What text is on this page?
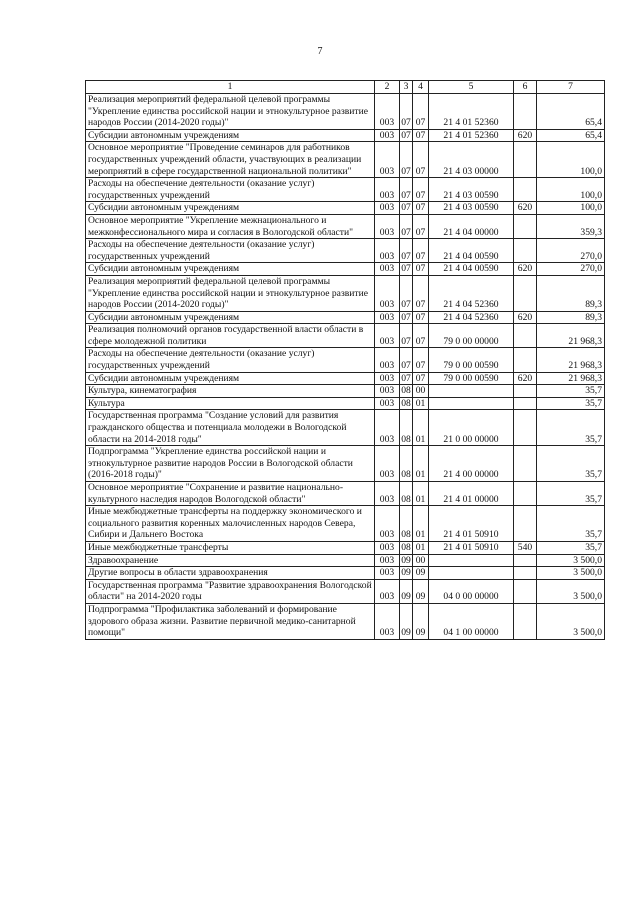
7
1	2	3	4	5	6	7
Реализация мероприятий федеральной целевой программы "Укрепление единства российской нации и этнокультурное развитие народов России (2014-2020 годы)"	003	07	07	21 4 01 52360		65,4
Субсидии автономным учреждениям	003	07	07	21 4 01 52360	620	65,4
Основное мероприятие "Проведение семинаров для работников государственных учреждений области, участвующих в реализации мероприятий в сфере государственной национальной политики"	003	07	07	21 4 03 00000		100,0
Расходы на обеспечение деятельности (оказание услуг) государственных учреждений	003	07	07	21 4 03 00590		100,0
Субсидии автономным учреждениям	003	07	07	21 4 03 00590	620	100,0
Основное мероприятие "Укрепление межнационального и межконфессионального мира и согласия в Вологодской области"	003	07	07	21 4 04 00000		359,3
Расходы на обеспечение деятельности (оказание услуг) государственных учреждений	003	07	07	21 4 04 00590		270,0
Субсидии автономным учреждениям	003	07	07	21 4 04 00590	620	270,0
Реализация мероприятий федеральной целевой программы "Укрепление единства российской нации и этнокультурное развитие народов России (2014-2020 годы)"	003	07	07	21 4 04 52360		89,3
Субсидии автономным учреждениям	003	07	07	21 4 04 52360	620	89,3
Реализация полномочий органов государственной власти области в сфере молодежной политики	003	07	07	79 0 00 00000		21 968,3
Расходы на обеспечение деятельности (оказание услуг) государственных учреждений	003	07	07	79 0 00 00590		21 968,3
Субсидии автономным учреждениям	003	07	07	79 0 00 00590	620	21 968,3
Культура, кинематография	003	08	00			35,7
Культура	003	08	01			35,7
Государственная программа "Создание условий для развития гражданского общества и потенциала молодежи в Вологодской области на 2014-2018 годы"	003	08	01	21 0 00 00000		35,7
Подпрограмма "Укрепление единства российской нации и этнокультурное развитие народов России в Вологодской области (2016-2018 годы)"	003	08	01	21 4 00 00000		35,7
Основное мероприятие "Сохранение и развитие национально-культурного наследия народов Вологодской области"	003	08	01	21 4 01 00000		35,7
Иные межбюджетные трансферты на поддержку экономического и социального развития коренных малочисленных народов Севера, Сибири и Дальнего Востока	003	08	01	21 4 01 50910		35,7
Иные межбюджетные трансферты	003	08	01	21 4 01 50910	540	35,7
Здравоохранение	003	09	00			3 500,0
Другие вопросы в области здравоохранения	003	09	09			3 500,0
Государственная программа "Развитие здравоохранения Вологодской области" на 2014-2020 годы	003	09	09	04 0 00 00000		3 500,0
Подпрограмма "Профилактика заболеваний и формирование здорового образа жизни. Развитие первичной медико-санитарной помощи"	003	09	09	04 1 00 00000		3 500,0
